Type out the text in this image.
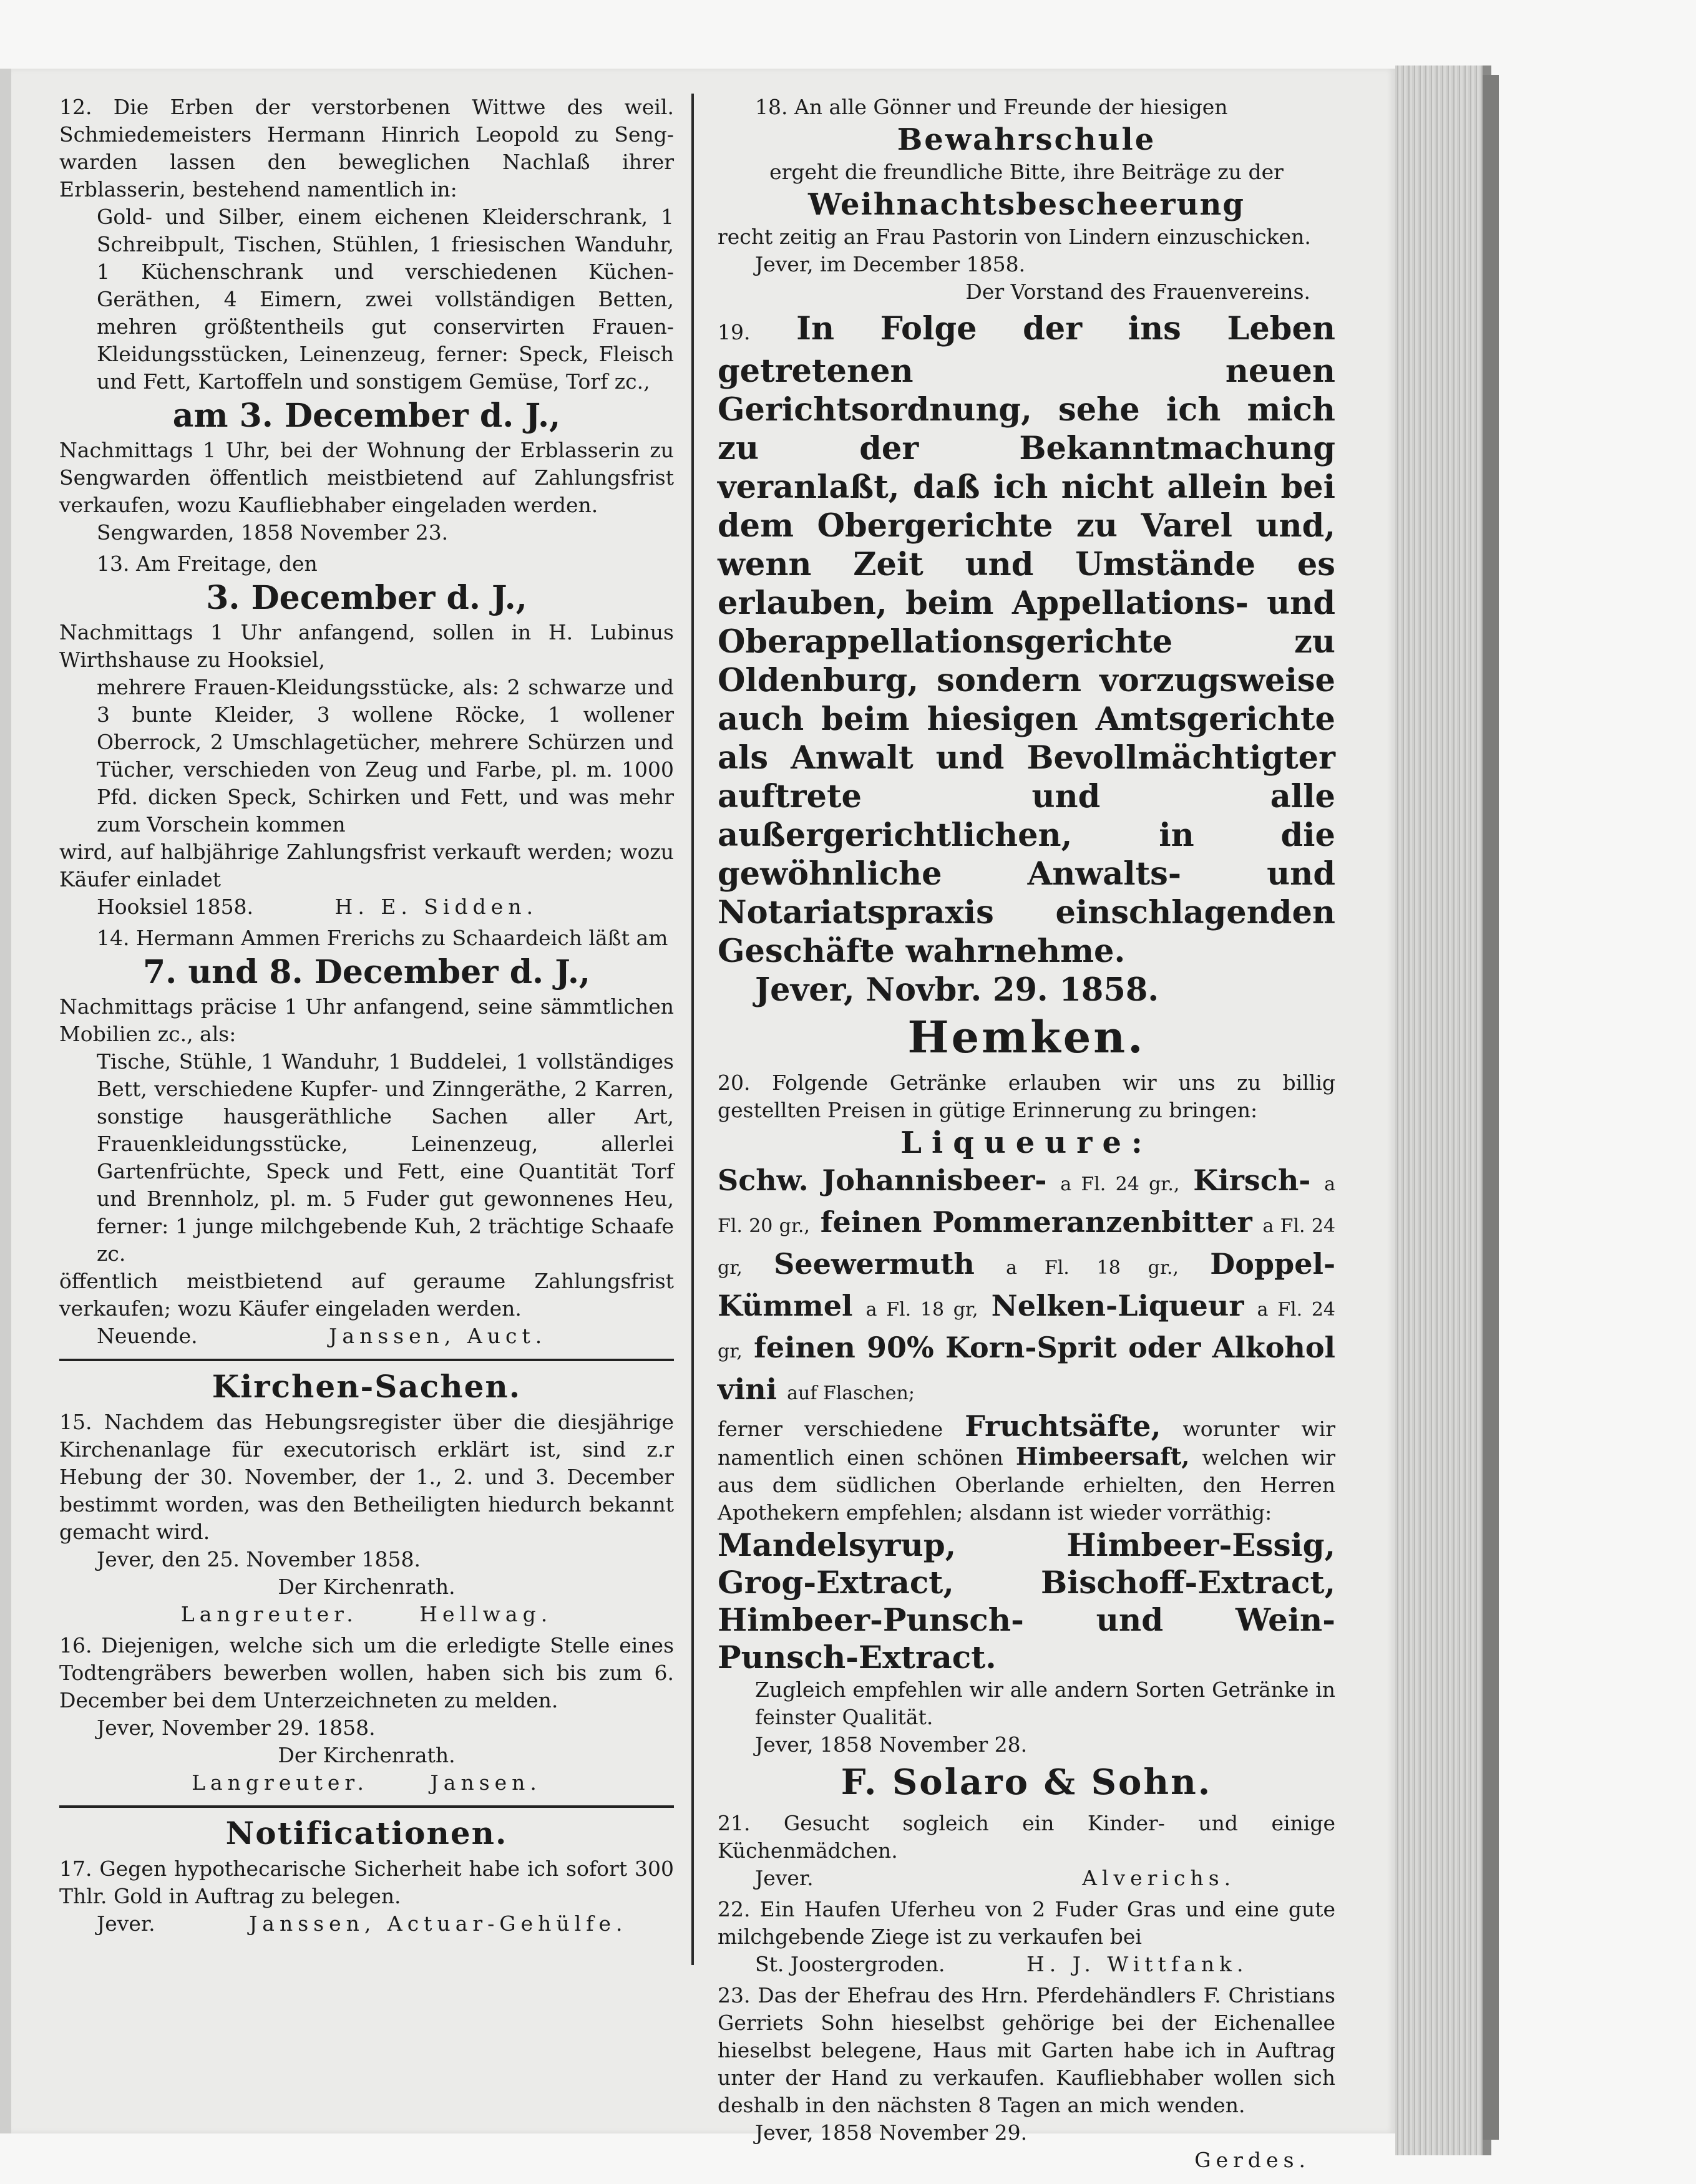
12. Die Erben der verstorbenen Wittwe des weil. Schmiedemeisters Hermann Hinrich Leopold zu Seng-warden lassen den beweglichen Nachlaß ihrer Erblasserin, bestehend namentlich in:

Gold- und Silber, einem eichenen Kleiderschrank, 1 Schreibpult, Tischen, Stühlen, 1 friesischen Wanduhr, 1 Küchenschrank und verschiedenen Küchen-Geräthen, 4 Eimern, zwei vollständigen Betten, mehren größtentheils gut conservirten Frauen-Kleidungsstücken, Leinenzeug, ferner: Speck, Fleisch und Fett, Kartoffeln und sonstigem Gemüse, Torf zc.,

am 3. December d. J.,

Nachmittags 1 Uhr, bei der Wohnung der Erblasserin zu Sengwarden öffentlich meistbietend auf Zahlungsfrist verkaufen, wozu Kaufliebhaber eingeladen werden.

Sengwarden, 1858 November 23.

13. Am Freitage, den

3. December d. J.,

Nachmittags 1 Uhr anfangend, sollen in H. Lubinus Wirthshause zu Hooksiel,

mehrere Frauen-Kleidungsstücke, als: 2 schwarze und 3 bunte Kleider, 3 wollene Röcke, 1 wollener Oberrock, 2 Umschlagetücher, mehrere Schürzen und Tücher, verschieden von Zeug und Farbe, pl. m. 1000 Pfd. dicken Speck, Schirken und Fett, und was mehr zum Vorschein kommen

wird, auf halbjährige Zahlungsfrist verkauft werden; wozu Käufer einladet

Hooksiel 1858.	H. E. Sidden.

14. Hermann Ammen Frerichs zu Schaardeich läßt am

7. und 8. December d. J.,

Nachmittags präcise 1 Uhr anfangend, seine sämmtlichen Mobilien zc., als:

Tische, Stühle, 1 Wanduhr, 1 Buddelei, 1 vollständiges Bett, verschiedene Kupfer- und Zinngeräthe, 2 Karren, sonstige hausgeräthliche Sachen aller Art, Frauenkleidungsstücke, Leinenzeug, allerlei Gartenfrüchte, Speck und Fett, eine Quantität Torf und Brennholz, pl. m. 5 Fuder gut gewonnenes Heu, ferner: 1 junge milchgebende Kuh, 2 trächtige Schaafe zc.

öffentlich meistbietend auf geraume Zahlungsfrist verkaufen; wozu Käufer eingeladen werden.

Neuende.	Janssen, Auct.

Kirchen-Sachen.

15. Nachdem das Hebungsregister über die diesjährige Kirchenanlage für executorisch erklärt ist, sind z.r Hebung der 30. November, der 1., 2. und 3. December bestimmt worden, was den Betheiligten hiedurch bekannt gemacht wird.

Jever, den 25. November 1858.

Der Kirchenrath.

Langreuter.	Hellwag.

16. Diejenigen, welche sich um die erledigte Stelle eines Todtengräbers bewerben wollen, haben sich bis zum 6. December bei dem Unterzeichneten zu melden.

Jever, November 29. 1858.

Der Kirchenrath.

Langreuter.	Jansen.

Notificationen.

17. Gegen hypothecarische Sicherheit habe ich sofort 300 Thlr. Gold in Auftrag zu belegen.

Jever.	Janssen, Actuar-Gehülfe.

18. An alle Gönner und Freunde der hiesigen

Bewahrschule

ergeht die freundliche Bitte, ihre Beiträge zu der

Weihnachtsbescheerung

recht zeitig an Frau Pastorin von Lindern einzuschicken.

Jever, im December 1858.

Der Vorstand des Frauenvereins.

19. In Folge der ins Leben getretenen neuen Gerichtsordnung, sehe ich mich zu der Bekanntmachung veranlaßt, daß ich nicht allein bei dem Obergerichte zu Varel und, wenn Zeit und Umstände es erlauben, beim Appellations- und Oberappellationsgerichte zu Oldenburg, sondern vorzugsweise auch beim hiesigen Amtsgerichte als Anwalt und Bevollmächtigter auftrete und alle außergerichtlichen, in die gewöhnliche Anwalts- und Notariatspraxis einschlagenden Geschäfte wahrnehme.

Jever, Novbr. 29. 1858.

Hemken.

20. Folgende Getränke erlauben wir uns zu billig gestellten Preisen in gütige Erinnerung zu bringen:

Liqueure:

Schw. Johannisbeer- a Fl. 24 gr., Kirsch- a Fl. 20 gr., feinen Pommeranzenbitter a Fl. 24 gr, Seewermuth a Fl. 18 gr., Doppel-Kümmel a Fl. 18 gr, Nelken-Liqueur a Fl. 24 gr, feinen 90% Korn-Sprit oder Alkohol vini auf Flaschen;

ferner verschiedene Fruchtsäfte, worunter wir namentlich einen schönen Himbeersaft, welchen wir aus dem südlichen Oberlande erhielten, den Herren Apothekern empfehlen; alsdann ist wieder vorräthig:

Mandelsyrup, Himbeer-Essig, Grog-Extract, Bischoff-Extract, Himbeer-Punsch- und Wein-Punsch-Extract.

Zugleich empfehlen wir alle andern Sorten Getränke in feinster Qualität.

Jever, 1858 November 28.

F. Solaro & Sohn.

21. Gesucht sogleich ein Kinder- und einige Küchenmädchen.

Jever.	Alverichs.

22. Ein Haufen Uferheu von 2 Fuder Gras und eine gute milchgebende Ziege ist zu verkaufen bei

St. Joostergroden.	H. J. Wittfank.

23. Das der Ehefrau des Hrn. Pferdehändlers F. Christians Gerriets Sohn hieselbst gehörige bei der Eichenallee hieselbst belegene, Haus mit Garten habe ich in Auftrag unter der Hand zu verkaufen. Kaufliebhaber wollen sich deshalb in den nächsten 8 Tagen an mich wenden.

Jever, 1858 November 29.

Gerdes.
